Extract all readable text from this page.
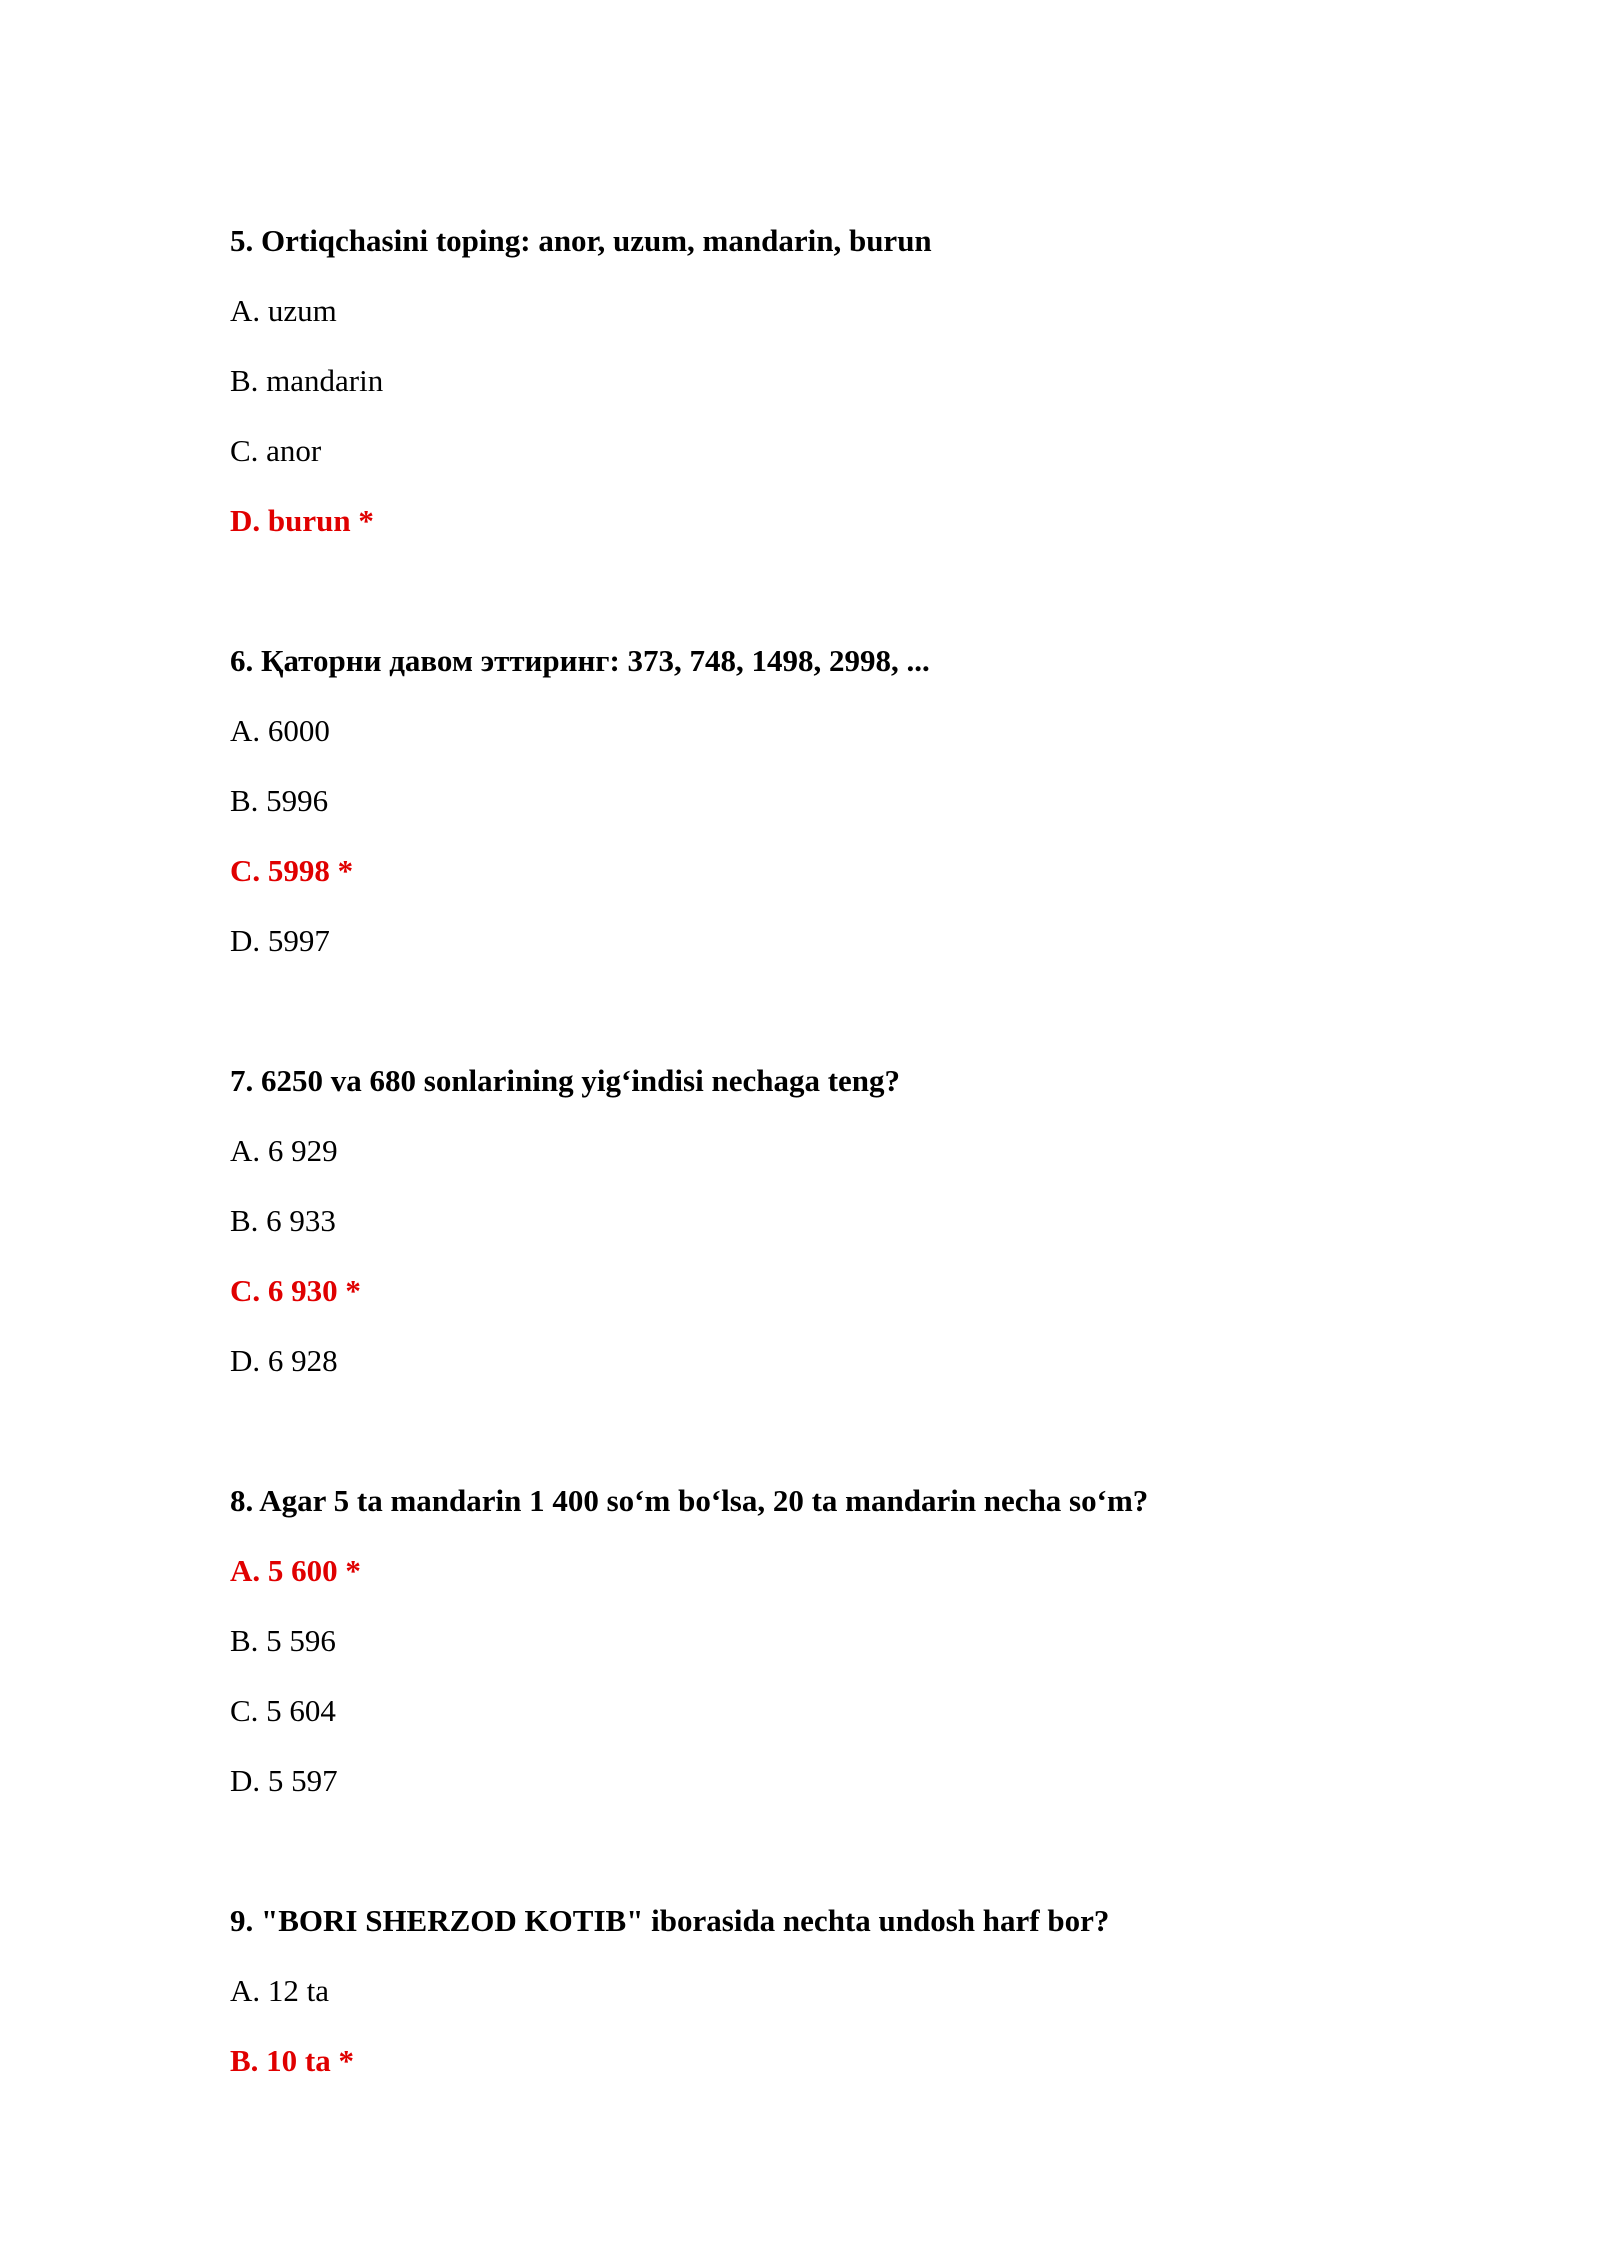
5. Ortiqchasini toping: anor, uzum, mandarin, burun
A. uzum
B. mandarin
C. anor
D. burun *
6. Қаторни давом эттиринг: 373, 748, 1498, 2998, ...
A. 6000
B. 5996
C. 5998 *
D. 5997
7. 6250 va 680 sonlarining yig‘indisi nechaga teng?
A. 6 929
B. 6 933
C. 6 930 *
D. 6 928
8. Agar 5 ta mandarin 1 400 so‘m bo‘lsa, 20 ta mandarin necha so‘m?
A. 5 600 *
B. 5 596
C. 5 604
D. 5 597
9. "BORI SHERZOD KOTIB" iborasida nechta undosh harf bor?
A. 12 ta
B. 10 ta *
